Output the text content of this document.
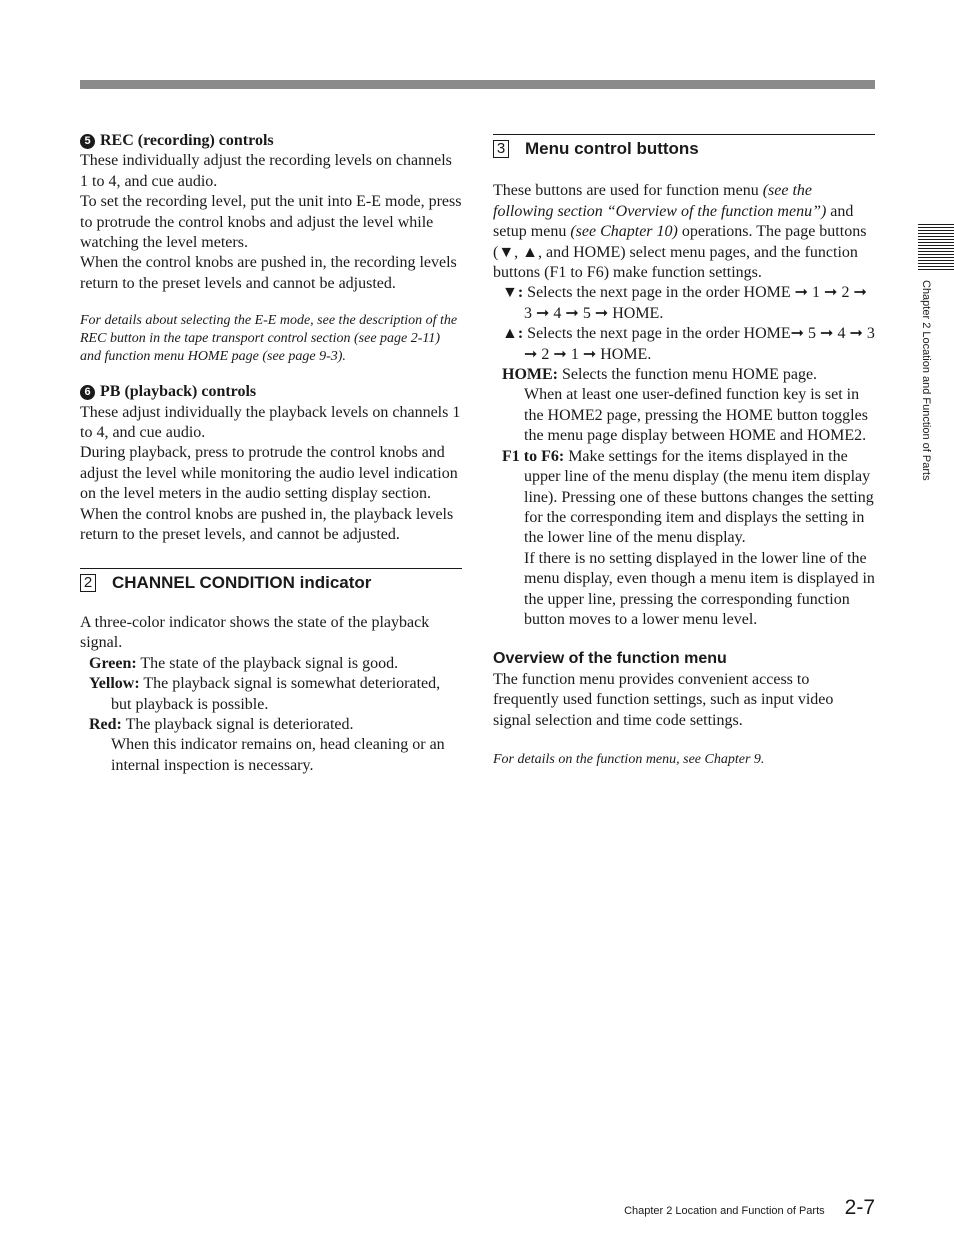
5 REC (recording) controls

These individually adjust the recording levels on channels 1 to 4, and cue audio.

To set the recording level, put the unit into E-E mode, press to protrude the control knobs and adjust the level while watching the level meters.

When the control knobs are pushed in, the recording levels return to the preset levels and cannot be adjusted.

For details about selecting the E-E mode, see the description of the REC button in the tape transport control section (see page 2-11) and function menu HOME page (see page 9-3).

6 PB (playback) controls

These adjust individually the playback levels on channels 1 to 4, and cue audio.

During playback, press to protrude the control knobs and adjust the level while monitoring the audio level indication on the level meters in the audio setting display section.

When the control knobs are pushed in, the playback levels return to the preset levels, and cannot be adjusted.

2 CHANNEL CONDITION indicator

A three-color indicator shows the state of the playback signal.

Green: The state of the playback signal is good.

Yellow: The playback signal is somewhat deteriorated, but playback is possible.

Red: The playback signal is deteriorated.

When this indicator remains on, head cleaning or an internal inspection is necessary.

3 Menu control buttons

These buttons are used for function menu (see the following section “Overview of the function menu”) and setup menu (see Chapter 10) operations. The page buttons (▼, ▲, and HOME) select menu pages, and the function buttons (F1 to F6) make function settings.

▼: Selects the next page in the order HOME ➞ 1 ➞ 2 ➞ 3 ➞ 4 ➞ 5 ➞ HOME.

▲: Selects the next page in the order HOME➞ 5 ➞ 4 ➞ 3 ➞ 2 ➞ 1 ➞ HOME.

HOME: Selects the function menu HOME page.

When at least one user-defined function key is set in the HOME2 page, pressing the HOME button toggles the menu page display between HOME and HOME2.

F1 to F6: Make settings for the items displayed in the upper line of the menu display (the menu item display line). Pressing one of these buttons changes the setting for the corresponding item and displays the setting in the lower line of the menu display.

If there is no setting displayed in the lower line of the menu display, even though a menu item is displayed in the upper line, pressing the corresponding function button moves to a lower menu level.

Overview of the function menu

The function menu provides convenient access to frequently used function settings, such as input video signal selection and time code settings.

For details on the function menu, see Chapter 9.

Chapter 2 Location and Function of Parts
Chapter 2 Location and Function of Parts 2-7
